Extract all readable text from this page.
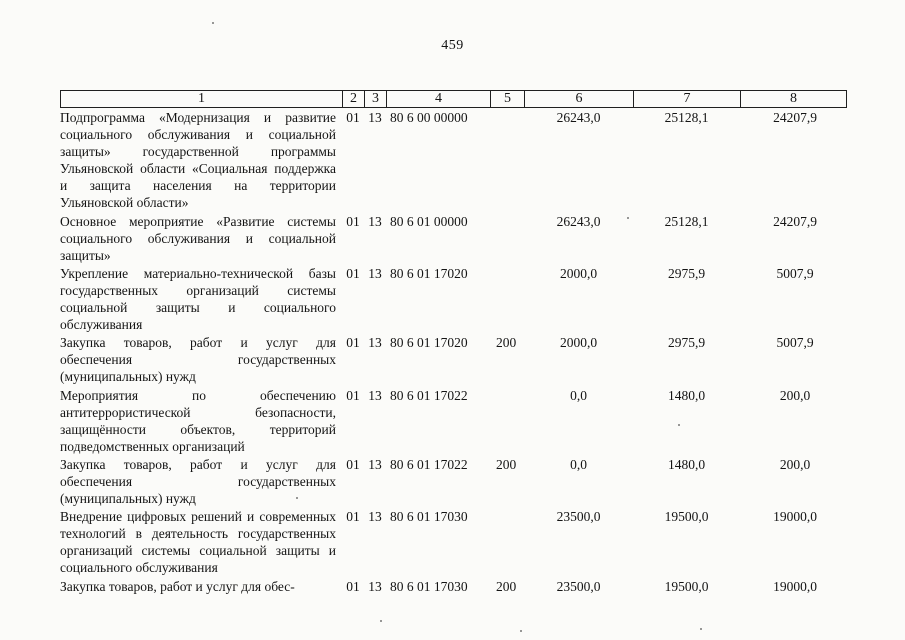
459
1	2	3	4	5	6	7	8
Подпрограмма «Модернизация и развитие социального обслуживания и социальной защиты» государственной программы Ульяновской области «Социальная поддержка и защита населения на территории Ульяновской области»	01	13	80 6 00 00000		26243,0	25128,1	24207,9
Основное мероприятие «Развитие системы социального обслуживания и социальной защиты»	01	13	80 6 01 00000		26243,0	25128,1	24207,9
Укрепление материально-технической базы государственных организаций системы социальной защиты и социального обслуживания	01	13	80 6 01 17020		2000,0	2975,9	5007,9
Закупка товаров, работ и услуг для обеспечения государственных (муниципальных) нужд	01	13	80 6 01 17020	200	2000,0	2975,9	5007,9
Мероприятия по обеспечению антитеррористической безопасности, защищённости объектов, территорий подведомственных организаций	01	13	80 6 01 17022		0,0	1480,0	200,0
Закупка товаров, работ и услуг для обеспечения государственных (муниципальных) нужд	01	13	80 6 01 17022	200	0,0	1480,0	200,0
Внедрение цифровых решений и современных технологий в деятельность государственных организаций системы социальной защиты и социального обслуживания	01	13	80 6 01 17030		23500,0	19500,0	19000,0
Закупка товаров, работ и услуг для обес-	01	13	80 6 01 17030	200	23500,0	19500,0	19000,0
